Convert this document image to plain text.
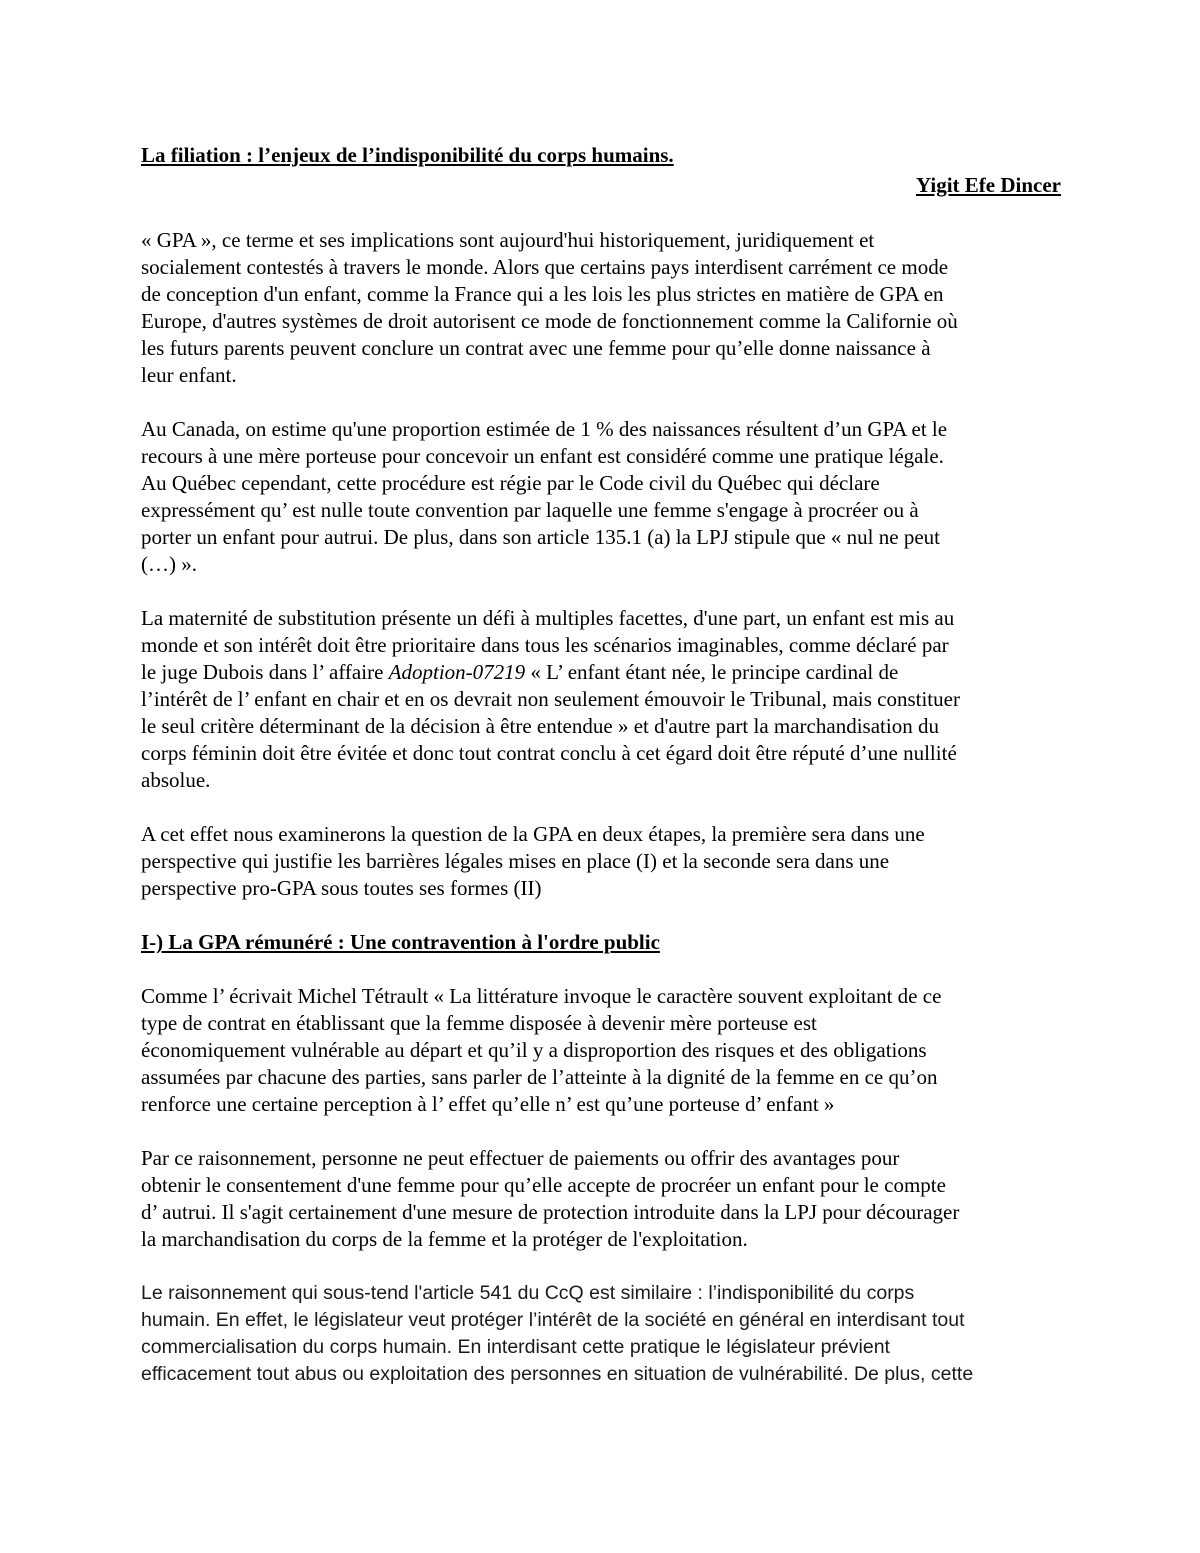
La filiation : l’enjeux de l’indisponibilité du corps humains.

Yigit Efe Dincer

« GPA », ce terme et ses implications sont aujourd'hui historiquement, juridiquement et
socialement contestés à travers le monde. Alors que certains pays interdisent carrément ce mode
de conception d'un enfant, comme la France qui a les lois les plus strictes en matière de GPA en
Europe, d'autres systèmes de droit autorisent ce mode de fonctionnement comme la Californie où
les futurs parents peuvent conclure un contrat avec une femme pour qu’elle donne naissance à
leur enfant.

Au Canada, on estime qu'une proportion estimée de 1 % des naissances résultent d’un GPA et le
recours à une mère porteuse pour concevoir un enfant est considéré comme une pratique légale.
Au Québec cependant, cette procédure est régie par le Code civil du Québec qui déclare
expressément qu’ est nulle toute convention par laquelle une femme s'engage à procréer ou à
porter un enfant pour autrui. De plus, dans son article 135.1 (a) la LPJ stipule que « nul ne peut
(…) ».

La maternité de substitution présente un défi à multiples facettes, d'une part, un enfant est mis au
monde et son intérêt doit être prioritaire dans tous les scénarios imaginables, comme déclaré par
le juge Dubois dans l’ affaire Adoption-07219 « L’ enfant étant née, le principe cardinal de
l’intérêt de l’ enfant en chair et en os devrait non seulement émouvoir le Tribunal, mais constituer
le seul critère déterminant de la décision à être entendue » et d'autre part la marchandisation du
corps féminin doit être évitée et donc tout contrat conclu à cet égard doit être réputé d’une nullité
absolue.

A cet effet nous examinerons la question de la GPA en deux étapes, la première sera dans une
perspective qui justifie les barrières légales mises en place (I) et la seconde sera dans une
perspective pro-GPA sous toutes ses formes (II)

I-) La GPA rémunéré : Une contravention à l'ordre public

Comme l’ écrivait Michel Tétrault « La littérature invoque le caractère souvent exploitant de ce
type de contrat en établissant que la femme disposée à devenir mère porteuse est
économiquement vulnérable au départ et qu’il y a disproportion des risques et des obligations
assumées par chacune des parties, sans parler de l’atteinte à la dignité de la femme en ce qu’on
renforce une certaine perception à l’ effet qu’elle n’ est qu’une porteuse d’ enfant »

Par ce raisonnement, personne ne peut effectuer de paiements ou offrir des avantages pour
obtenir le consentement d'une femme pour qu’elle accepte de procréer un enfant pour le compte
d’ autrui. Il s'agit certainement d'une mesure de protection introduite dans la LPJ pour décourager
la marchandisation du corps de la femme et la protéger de l'exploitation.

Le raisonnement qui sous-tend l'article 541 du CcQ est similaire : l’indisponibilité du corps
humain. En effet, le législateur veut protéger l’intérêt de la société en général en interdisant tout
commercialisation du corps humain. En interdisant cette pratique le législateur prévient
efficacement tout abus ou exploitation des personnes en situation de vulnérabilité. De plus, cette
